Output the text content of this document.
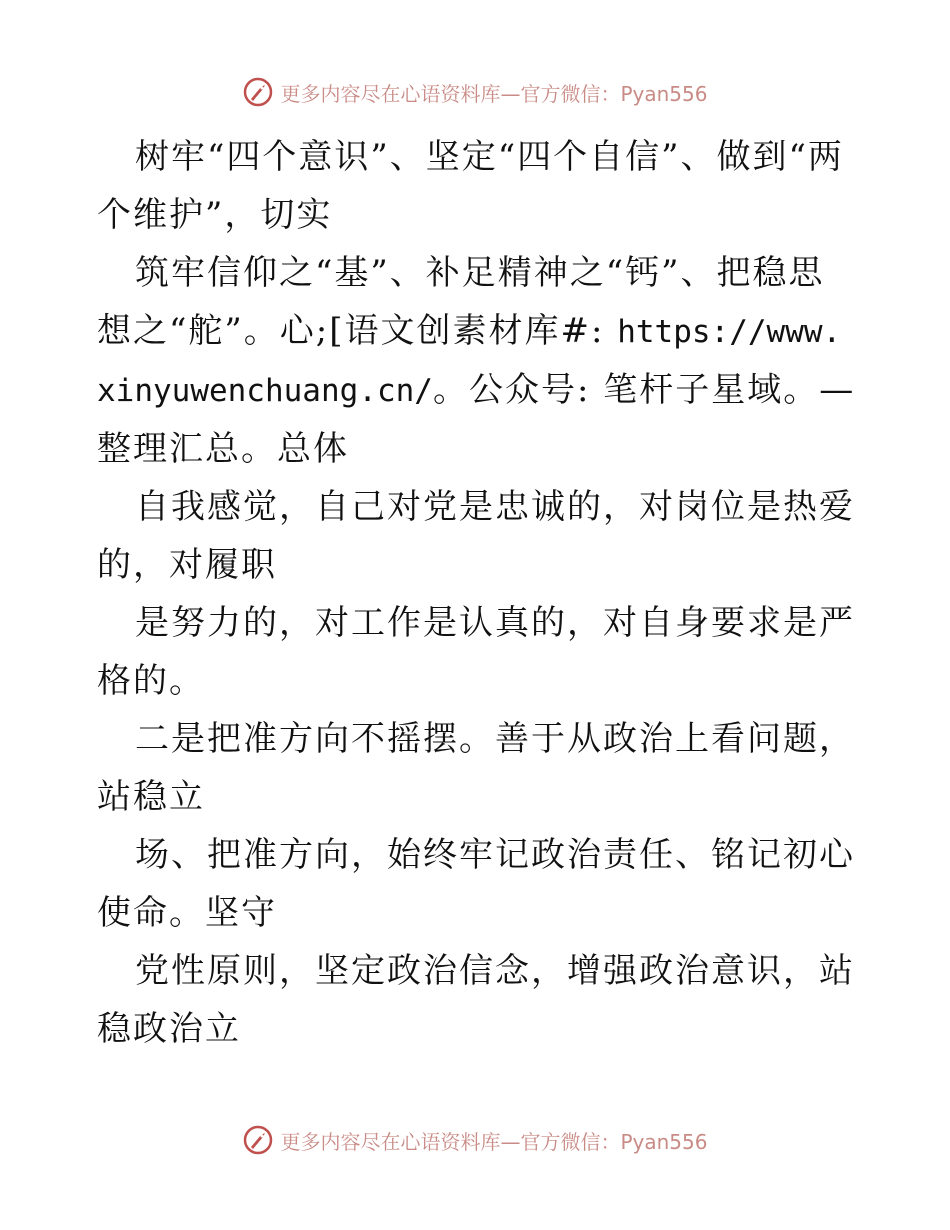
更多内容尽在心语资料库—官方微信：Pyan556

树牢“四个意识”、坚定“四个自信”、做到“两个维护”，切实

筑牢信仰之“基”、补足精神之“钙”、把稳思想之“舵”。心;[语文创素材库#: https://www.xinyuwenchuang.cn/。公众号: 笔杆子星域。—整理汇总。总体

自我感觉，自己对党是忠诚的，对岗位是热爱的，对履职

是努力的，对工作是认真的，对自身要求是严格的。

二是把准方向不摇摆。善于从政治上看问题，站稳立

场、把准方向，始终牢记政治责任、铭记初心使命。坚守

党性原则，坚定政治信念，增强政治意识，站稳政治立

更多内容尽在心语资料库—官方微信：Pyan556
